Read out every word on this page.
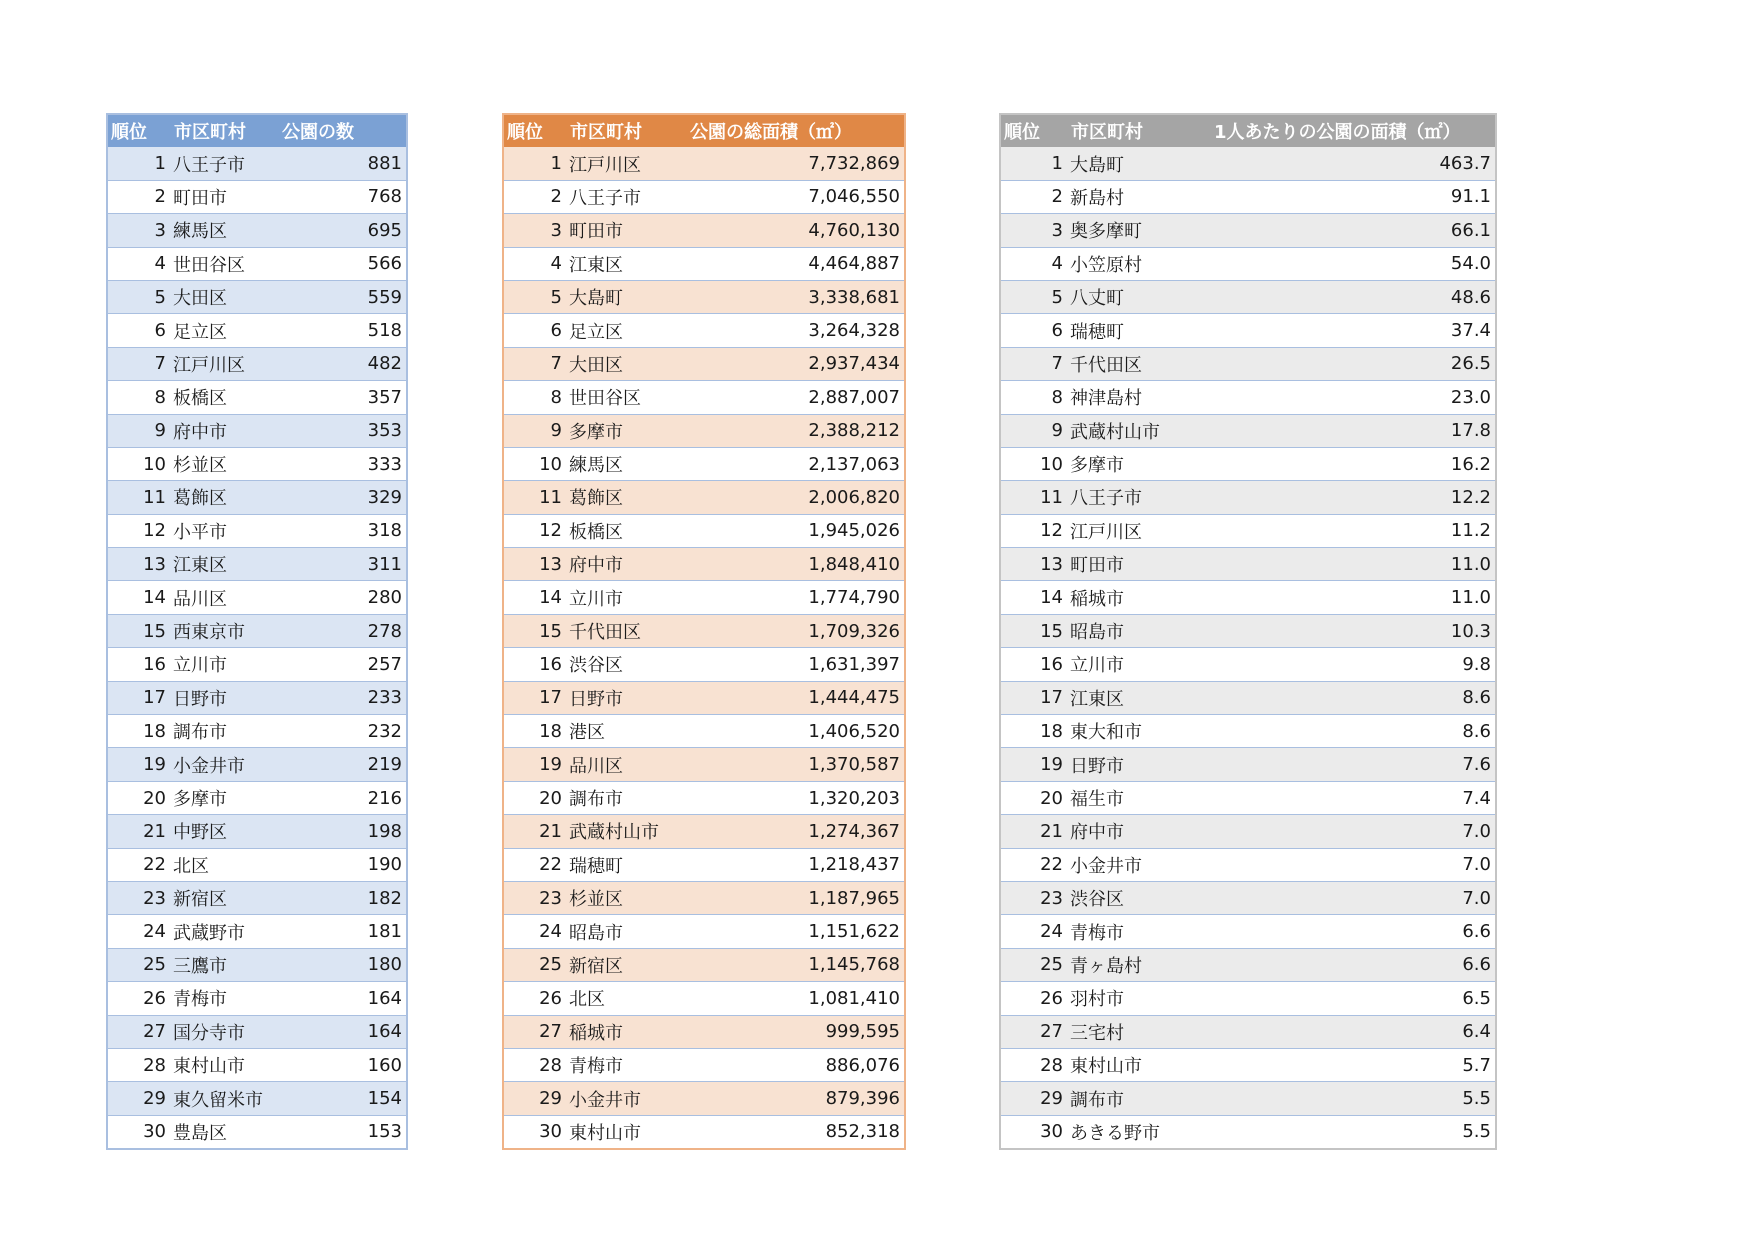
順位	市区町村	公園の数
1	八王子市	881
2	町田市	768
3	練馬区	695
4	世田谷区	566
5	大田区	559
6	足立区	518
7	江戸川区	482
8	板橋区	357
9	府中市	353
10	杉並区	333
11	葛飾区	329
12	小平市	318
13	江東区	311
14	品川区	280
15	西東京市	278
16	立川市	257
17	日野市	233
18	調布市	232
19	小金井市	219
20	多摩市	216
21	中野区	198
22	北区	190
23	新宿区	182
24	武蔵野市	181
25	三鷹市	180
26	青梅市	164
27	国分寺市	164
28	東村山市	160
29	東久留米市	154
30	豊島区	153
順位	市区町村	公園の総面積（㎡）
1	江戸川区	7,732,869
2	八王子市	7,046,550
3	町田市	4,760,130
4	江東区	4,464,887
5	大島町	3,338,681
6	足立区	3,264,328
7	大田区	2,937,434
8	世田谷区	2,887,007
9	多摩市	2,388,212
10	練馬区	2,137,063
11	葛飾区	2,006,820
12	板橋区	1,945,026
13	府中市	1,848,410
14	立川市	1,774,790
15	千代田区	1,709,326
16	渋谷区	1,631,397
17	日野市	1,444,475
18	港区	1,406,520
19	品川区	1,370,587
20	調布市	1,320,203
21	武蔵村山市	1,274,367
22	瑞穂町	1,218,437
23	杉並区	1,187,965
24	昭島市	1,151,622
25	新宿区	1,145,768
26	北区	1,081,410
27	稲城市	999,595
28	青梅市	886,076
29	小金井市	879,396
30	東村山市	852,318
順位	市区町村	1人あたりの公園の面積（㎡）
1	大島町	463.7
2	新島村	91.1
3	奥多摩町	66.1
4	小笠原村	54.0
5	八丈町	48.6
6	瑞穂町	37.4
7	千代田区	26.5
8	神津島村	23.0
9	武蔵村山市	17.8
10	多摩市	16.2
11	八王子市	12.2
12	江戸川区	11.2
13	町田市	11.0
14	稲城市	11.0
15	昭島市	10.3
16	立川市	9.8
17	江東区	8.6
18	東大和市	8.6
19	日野市	7.6
20	福生市	7.4
21	府中市	7.0
22	小金井市	7.0
23	渋谷区	7.0
24	青梅市	6.6
25	青ヶ島村	6.6
26	羽村市	6.5
27	三宅村	6.4
28	東村山市	5.7
29	調布市	5.5
30	あきる野市	5.5
